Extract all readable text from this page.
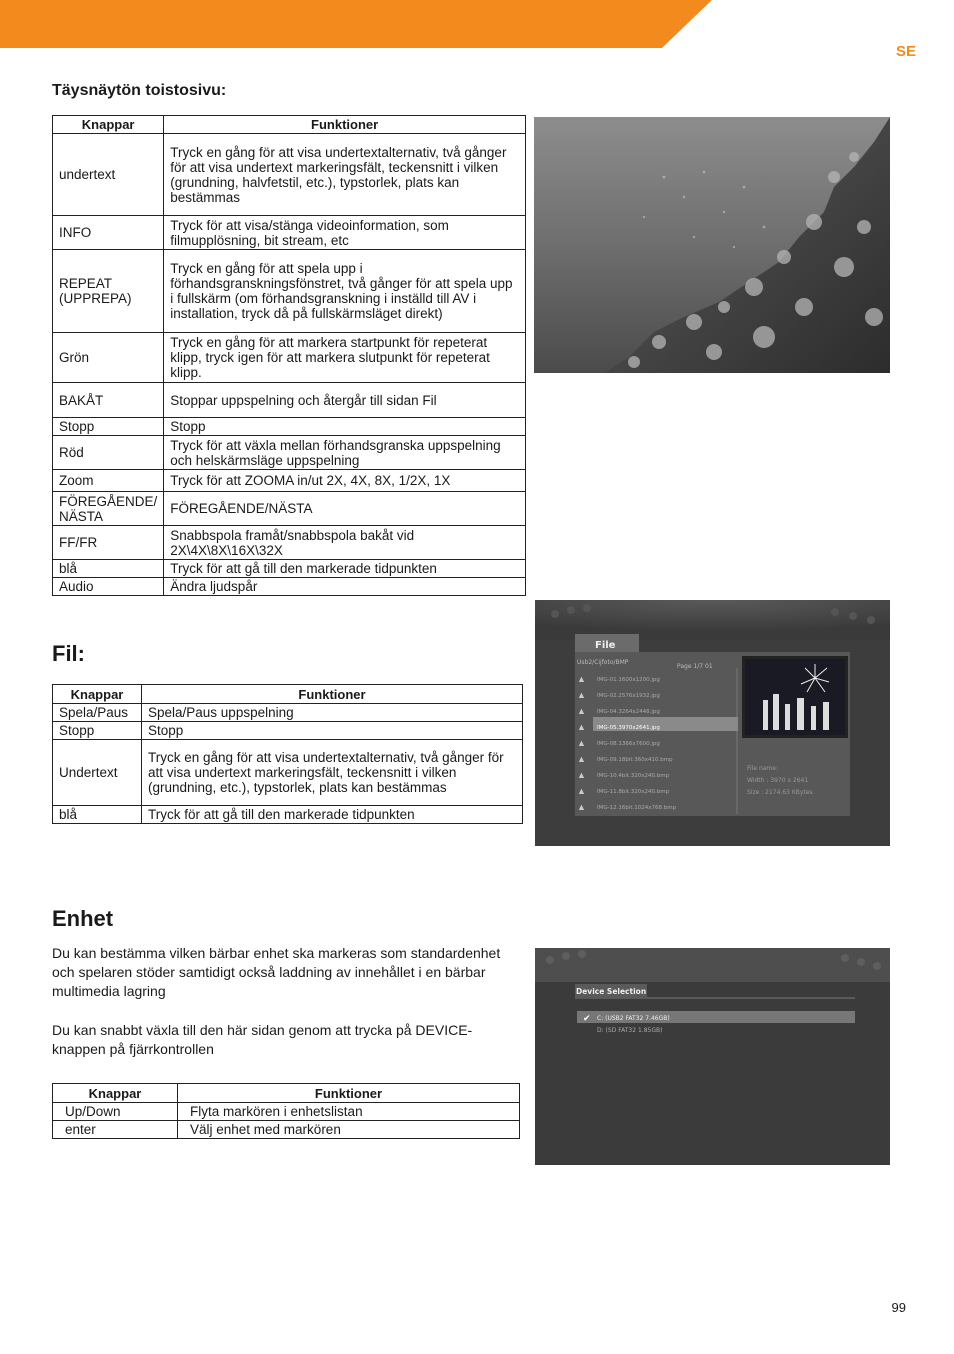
SE
Täysnäytön toistosivu:
Knappar	Funktioner
undertext	Tryck en gång för att visa undertextalternativ, två gånger för att visa undertext markeringsfält, teckensnitt i vilken (grundning, halvfetstil, etc.), typstorlek, plats kan bestämmas
INFO	Tryck för att visa/stänga videoinformation, som filmupplösning, bit stream, etc
REPEAT (UPPREPA)	Tryck en gång för att spela upp i förhandsgranskningsfönstret, två gånger för att spela upp i fullskärm (om förhandsgranskning i inställd till AV i installation, tryck då på fullskärmsläget direkt)
Grön	Tryck en gång för att markera startpunkt för repeterat klipp, tryck igen för att markera slutpunkt för repeterat klipp.
BAKÅT	Stoppar uppspelning och återgår till sidan Fil
Stopp	Stopp
Röd	Tryck för att växla mellan förhandsgranska uppspelning och helskärmsläge uppspelning
Zoom	Tryck för att ZOOMA in/ut 2X, 4X, 8X, 1/2X, 1X
FÖREGÅENDE/ NÄSTA	FÖREGÅENDE/NÄSTA
FF/FR	Snabbspola framåt/snabbspola bakåt vid 2X\4X\8X\16X\32X
blå	Tryck för att gå till den markerade tidpunkten
Audio	Ändra ljudspår
Fil:
Knappar	Funktioner
Spela/Paus	Spela/Paus uppspelning
Stopp	Stopp
Undertext	Tryck en gång för att visa undertextalternativ, två gånger för att visa undertext markeringsfält, teckensnitt i vilken (grundning, etc.), typstorlek, plats kan bestämmas
blå	Tryck för att gå till den markerade tidpunkten
File
Usb2/Cijfoto/BMP
Page 1/7 01
▲ IMG-01.1600x1200.jpg
▲ IMG-02.2576x1932.jpg
▲ IMG-04.3264x2448.jpg
▲ IMG-05.3970x2641.jpg
▲ IMG-08.1366x7600.jpg
▲ IMG-09.18bit.360x410.bmp
▲ IMG-10.4bit.320x240.bmp
▲ IMG-11.8bit.320x240.bmp
▲ IMG-12.16bit.1024x768.bmp
File name:
Width : 3970 x 2641
Size : 2174.63 KBytes
Enhet

Du kan bestämma vilken bärbar enhet ska markeras som standardenhet och spelaren stöder samtidigt också laddning av innehållet i en bärbar multimedia lagring

Du kan snabbt växla till den här sidan genom att trycka på DEVICE-knappen på fjärrkontrollen

Knappar	Funktioner
Up/Down	Flyta markören i enhetslistan
enter	Välj enhet med markören
Device Selection
✔ C: (USB2 FAT32 7.46GB)
D: (SD FAT32 1.85GB)
99
